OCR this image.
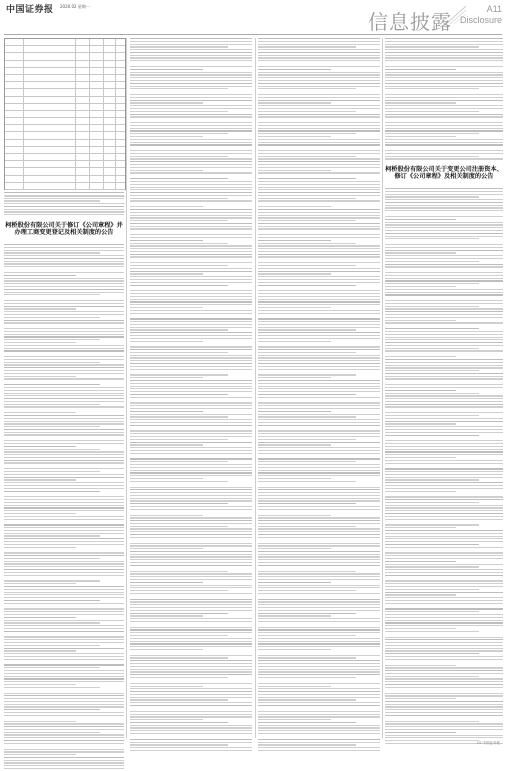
中国证券报 2020.02 星期一
信息披露
A11
Disclosure
柯桥股份有限公司关于修订《公司章程》并办理工商变更登记及相关制度的公告
柯桥股份有限公司关于变更公司注册资本、修订《公司章程》及相关制度的公告
CS 中国证券报
